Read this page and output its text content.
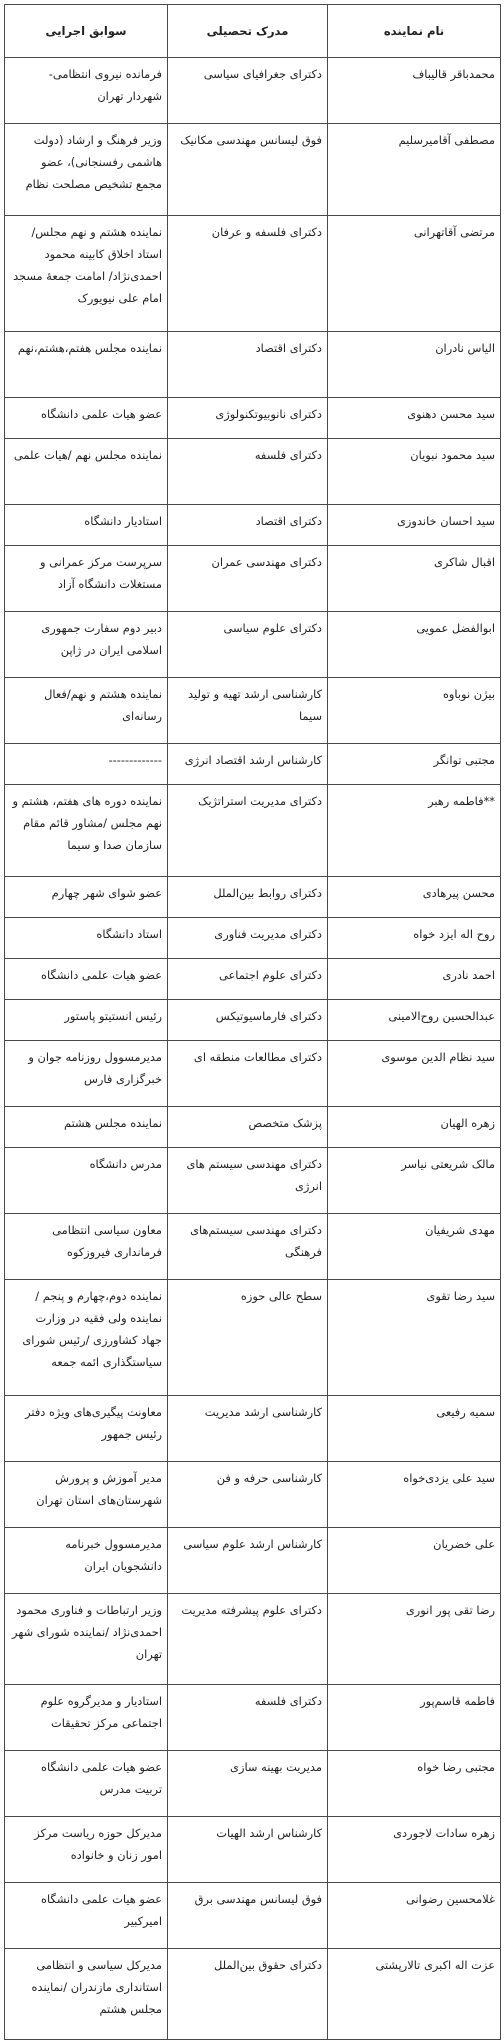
نام نماینده	مدرک تحصیلی	سوابق اجرایی
محمدباقر قالیباف	دکترای جغرافیای سیاسی	فرمانده نیروی انتظامی- شهردار تهران
مصطفی آقامیرسلیم	فوق لیسانس مهندسی مکانیک	وزیر فرهنگ و ارشاد (دولت هاشمی رفسنجانی)، عضو مجمع تشخیص مصلحت نظام
مرتضی آقاتهرانی	دکترای فلسفه و عرفان	نماینده هشتم و نهم مجلس/ استاد اخلاق کابینه محمود احمدی‌نژاد/ امامت جمعهٔ مسجد امام علی نیویورک
الیاس نادران	دکترای اقتصاد	نماینده مجلس هفتم،هشتم،نهم
سید محسن دهنوی	دکترای نانوبیوتکنولوژی	عضو هیات علمی دانشگاه
سید محمود نبویان	دکترای فلسفه	نماینده مجلس نهم /هیات علمی
سید احسان خاندوزی	دکترای اقتصاد	استادیار دانشگاه
اقبال شاکری	دکترای مهندسی عمران	سرپرست مرکز عمرانی و مستغلات دانشگاه آزاد
ابوالفضل عمویی	دکترای علوم سیاسی	دبیر دوم سفارت جمهوری اسلامی ایران در ژاپن
بیژن نوباوه	کارشناسی ارشد تهیه و تولید سیما	نماینده هشتم و نهم/فعال رسانه‌ای
مجتبی توانگر	کارشناس ارشد اقتصاد انرژی	-------------
**فاطمه رهبر	دکترای مدیریت استراتژیک	نماینده دوره های هفتم، هشتم و نهم مجلس /مشاور قائم مقام سازمان صدا و سیما
محسن پیرهادی	دکترای روابط بین‌الملل	عضو شوای شهر چهارم
روح اله ایزد خواه	دکترای مدیریت فناوری	استاد دانشگاه
احمد نادری	دکترای علوم اجتماعی	عضو هیات علمی دانشگاه
عبدالحسین روح‌الامینی	دکترای فارماسیوتیکس	رئیس انستیتو پاستور
سید نظام الدین موسوی	دکترای مطالعات منطقه ای	مدیرمسوول روزنامه جوان و خبرگزاری فارس
زهره الهیان	پزشک متخصص	نماینده مجلس هشتم
مالک شریعتی نیاسر	دکترای مهندسی سیستم های انرژی	مدرس دانشگاه
مهدی شریفیان	دکترای مهندسی سیستم‌های فرهنگی	معاون سیاسی انتظامی فرمانداری فیروزکوه
سید رضا تقوی	سطح عالی حوزه	نماینده دوم،چهارم و پنجم /نماینده ولی فقیه در وزارت جهاد کشاورزی /رئیس شورای سیاستگذاری ائمه جمعه
سمیه رفیعی	کارشناسی ارشد مدیریت	معاونت پیگیری‌های ویژه دفتر رئیس جمهور
سید علی یزدی‌خواه	کارشناسی حرفه و فن	مدیر آموزش و پرورش شهرستان‌های استان تهران
علی خضریان	کارشناس ارشد علوم سیاسی	مدیرمسوول خبرنامه دانشجویان ایران
رضا تقی پور انوری	دکترای علوم پیشرفته مدیریت	وزیر ارتباطات و فناوری محمود احمدی‌نژاد /نماینده شورای شهر تهران
فاطمه قاسم‌پور	دکترای فلسفه	استادیار و مدیرگروه علوم اجتماعی مرکز تحقیقات
مجتبی رضا خواه	مدیریت بهینه سازی	عضو هیات علمی دانشگاه تربیت مدرس
زهره سادات لاجوردی	کارشناس ارشد الهیات	مدیرکل حوزه ریاست مرکز امور زنان و خانواده
غلامحسین رضوانی	فوق لیسانس مهندسی برق	عضو هیات علمی دانشگاه امیرکبیر
عزت اله اکبری تالارپشتی	دکترای حقوق بین‌الملل	مدیرکل سیاسی و انتظامی استانداری مازندران /نماینده مجلس هشتم
